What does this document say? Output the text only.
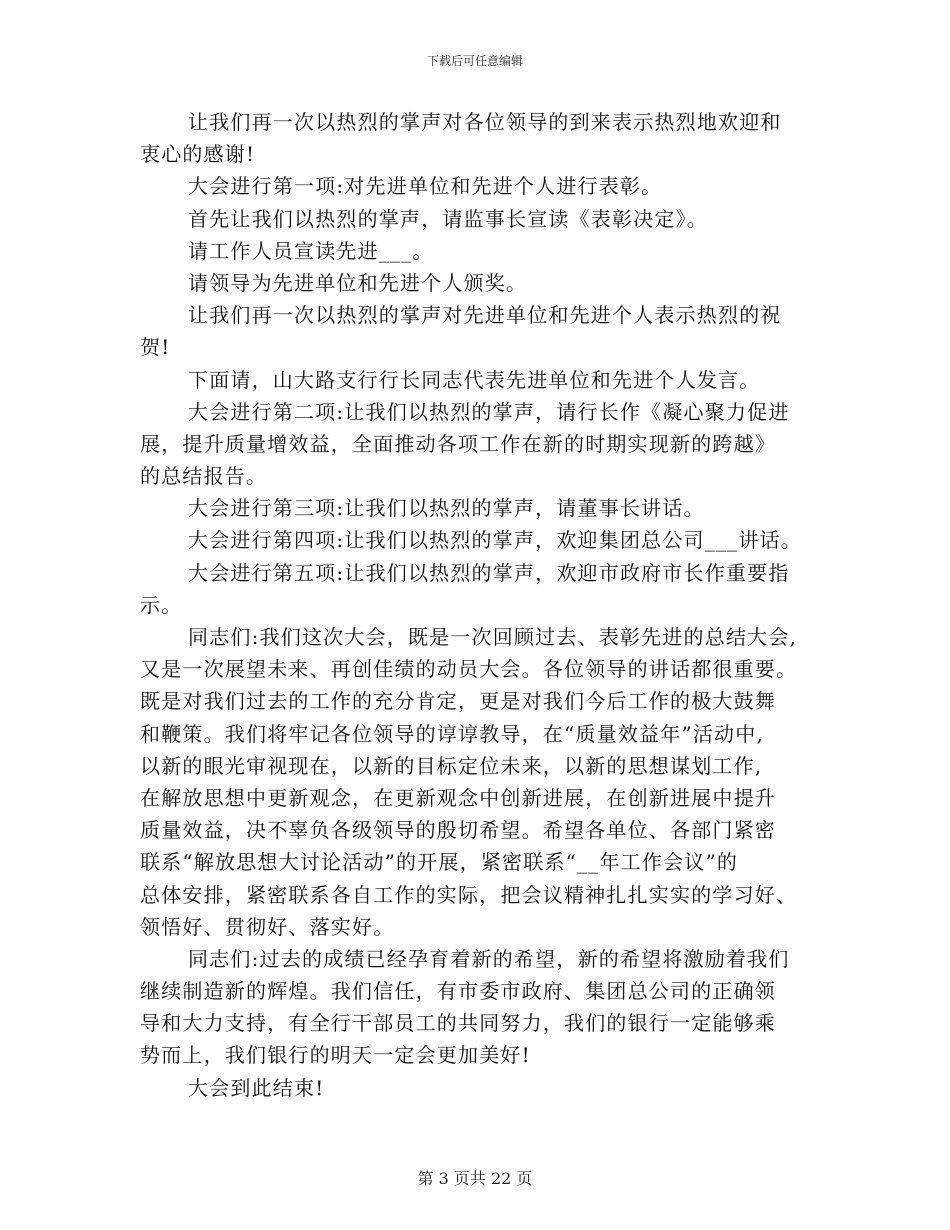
下载后可任意编辑
让我们再一次以热烈的掌声对各位领导的到来表示热烈地欢迎和
衷心的感谢!
大会进行第一项:对先进单位和先进个人进行表彰。
首先让我们以热烈的掌声，请监事长宣读《表彰决定》。
请工作人员宣读先进___。
请领导为先进单位和先进个人颁奖。
让我们再一次以热烈的掌声对先进单位和先进个人表示热烈的祝
贺!
下面请，山大路支行行长同志代表先进单位和先进个人发言。
大会进行第二项:让我们以热烈的掌声，请行长作《凝心聚力促进
展，提升质量增效益，全面推动各项工作在新的时期实现新的跨越》
的总结报告。
大会进行第三项:让我们以热烈的掌声，请董事长讲话。
大会进行第四项:让我们以热烈的掌声，欢迎集团总公司___讲话。
大会进行第五项:让我们以热烈的掌声，欢迎市政府市长作重要指
示。
同志们:我们这次大会，既是一次回顾过去、表彰先进的总结大会,
又是一次展望未来、再创佳绩的动员大会。各位领导的讲话都很重要。
既是对我们过去的工作的充分肯定，更是对我们今后工作的极大鼓舞
和鞭策。我们将牢记各位领导的谆谆教导，在“质量效益年”活动中,
以新的眼光审视现在，以新的目标定位未来，以新的思想谋划工作,
在解放思想中更新观念，在更新观念中创新进展，在创新进展中提升
质量效益，决不辜负各级领导的殷切希望。希望各单位、各部门紧密
联系“解放思想大讨论活动”的开展，紧密联系“__年工作会议”的
总体安排，紧密联系各自工作的实际，把会议精神扎扎实实的学习好、
领悟好、贯彻好、落实好。
同志们:过去的成绩已经孕育着新的希望，新的希望将激励着我们
继续制造新的辉煌。我们信任，有市委市政府、集团总公司的正确领
导和大力支持，有全行干部员工的共同努力，我们的银行一定能够乘
势而上，我们银行的明天一定会更加美好!
大会到此结束!
第 3 页共 22 页
